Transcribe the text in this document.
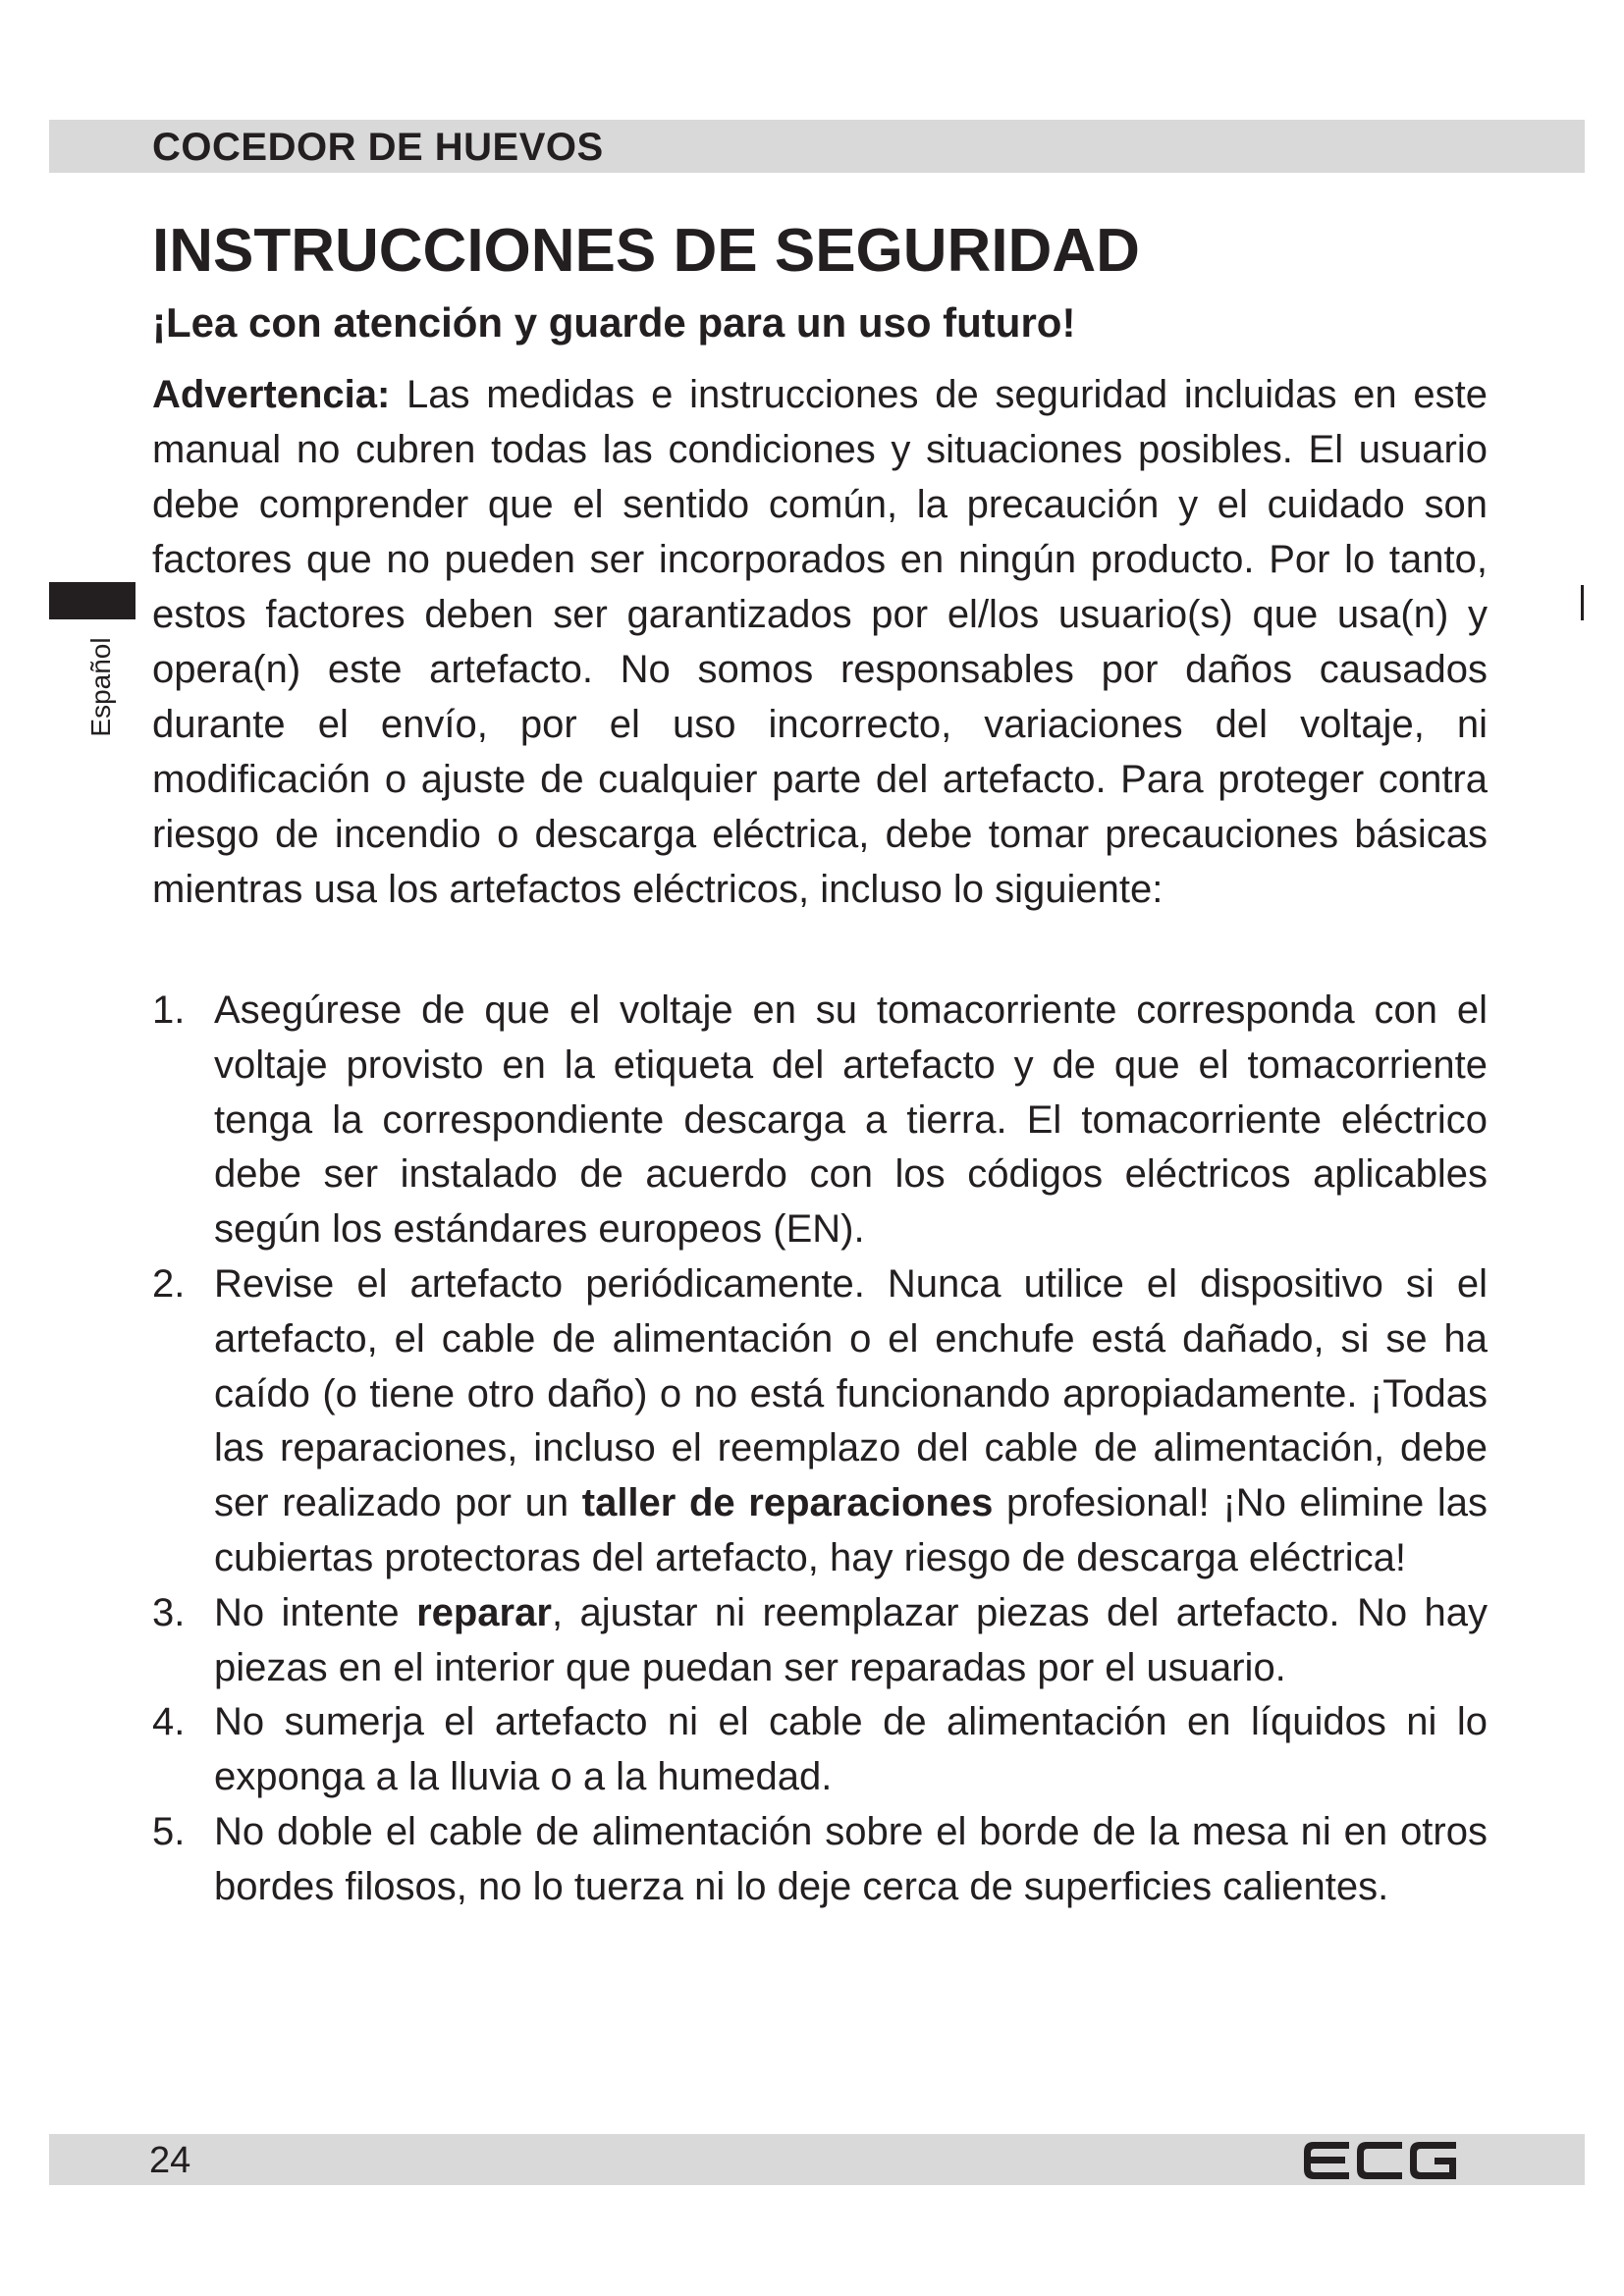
COCEDOR DE HUEVOS
INSTRUCCIONES DE SEGURIDAD
¡Lea con atención y guarde para un uso futuro!

Advertencia: Las medidas e instrucciones de seguridad incluidas en este manual no cubren todas las condiciones y situaciones posibles. El usuario debe comprender que el sentido común, la precaución y el cuidado son factores que no pueden ser incorporados en ningún producto. Por lo tanto, estos factores deben ser garantizados por el/los usuario(s) que usa(n) y opera(n) este artefacto. No somos responsables por daños causados durante el envío, por el uso incorrecto, variaciones del voltaje, ni modificación o ajuste de cualquier parte del artefacto. Para proteger contra riesgo de incendio o descarga eléctrica, debe tomar precauciones básicas mientras usa los artefactos eléctricos, incluso lo siguiente:

1. Asegúrese de que el voltaje en su tomacorriente corresponda con el voltaje provisto en la etiqueta del artefacto y de que el tomacorriente tenga la correspondiente descarga a tierra. El tomacorriente eléctrico debe ser instalado de acuerdo con los códigos eléctricos aplicables según los estándares europeos (EN).
2. Revise el artefacto periódicamente. Nunca utilice el dispositivo si el artefacto, el cable de alimentación o el enchufe está dañado, si se ha caído (o tiene otro daño) o no está funcionando apropiadamente. ¡Todas las reparaciones, incluso el reemplazo del cable de alimentación, debe ser realizado por un taller de reparaciones profesional! ¡No elimine las cubiertas protectoras del artefacto, hay riesgo de descarga eléctrica!
3. No intente reparar, ajustar ni reemplazar piezas del artefacto. No hay piezas en el interior que puedan ser reparadas por el usuario.
4. No sumerja el artefacto ni el cable de alimentación en líquidos ni lo exponga a la lluvia o a la humedad.
5. No doble el cable de alimentación sobre el borde de la mesa ni en otros bordes filosos, no lo tuerza ni lo deje cerca de superficies calientes.
Español
24
